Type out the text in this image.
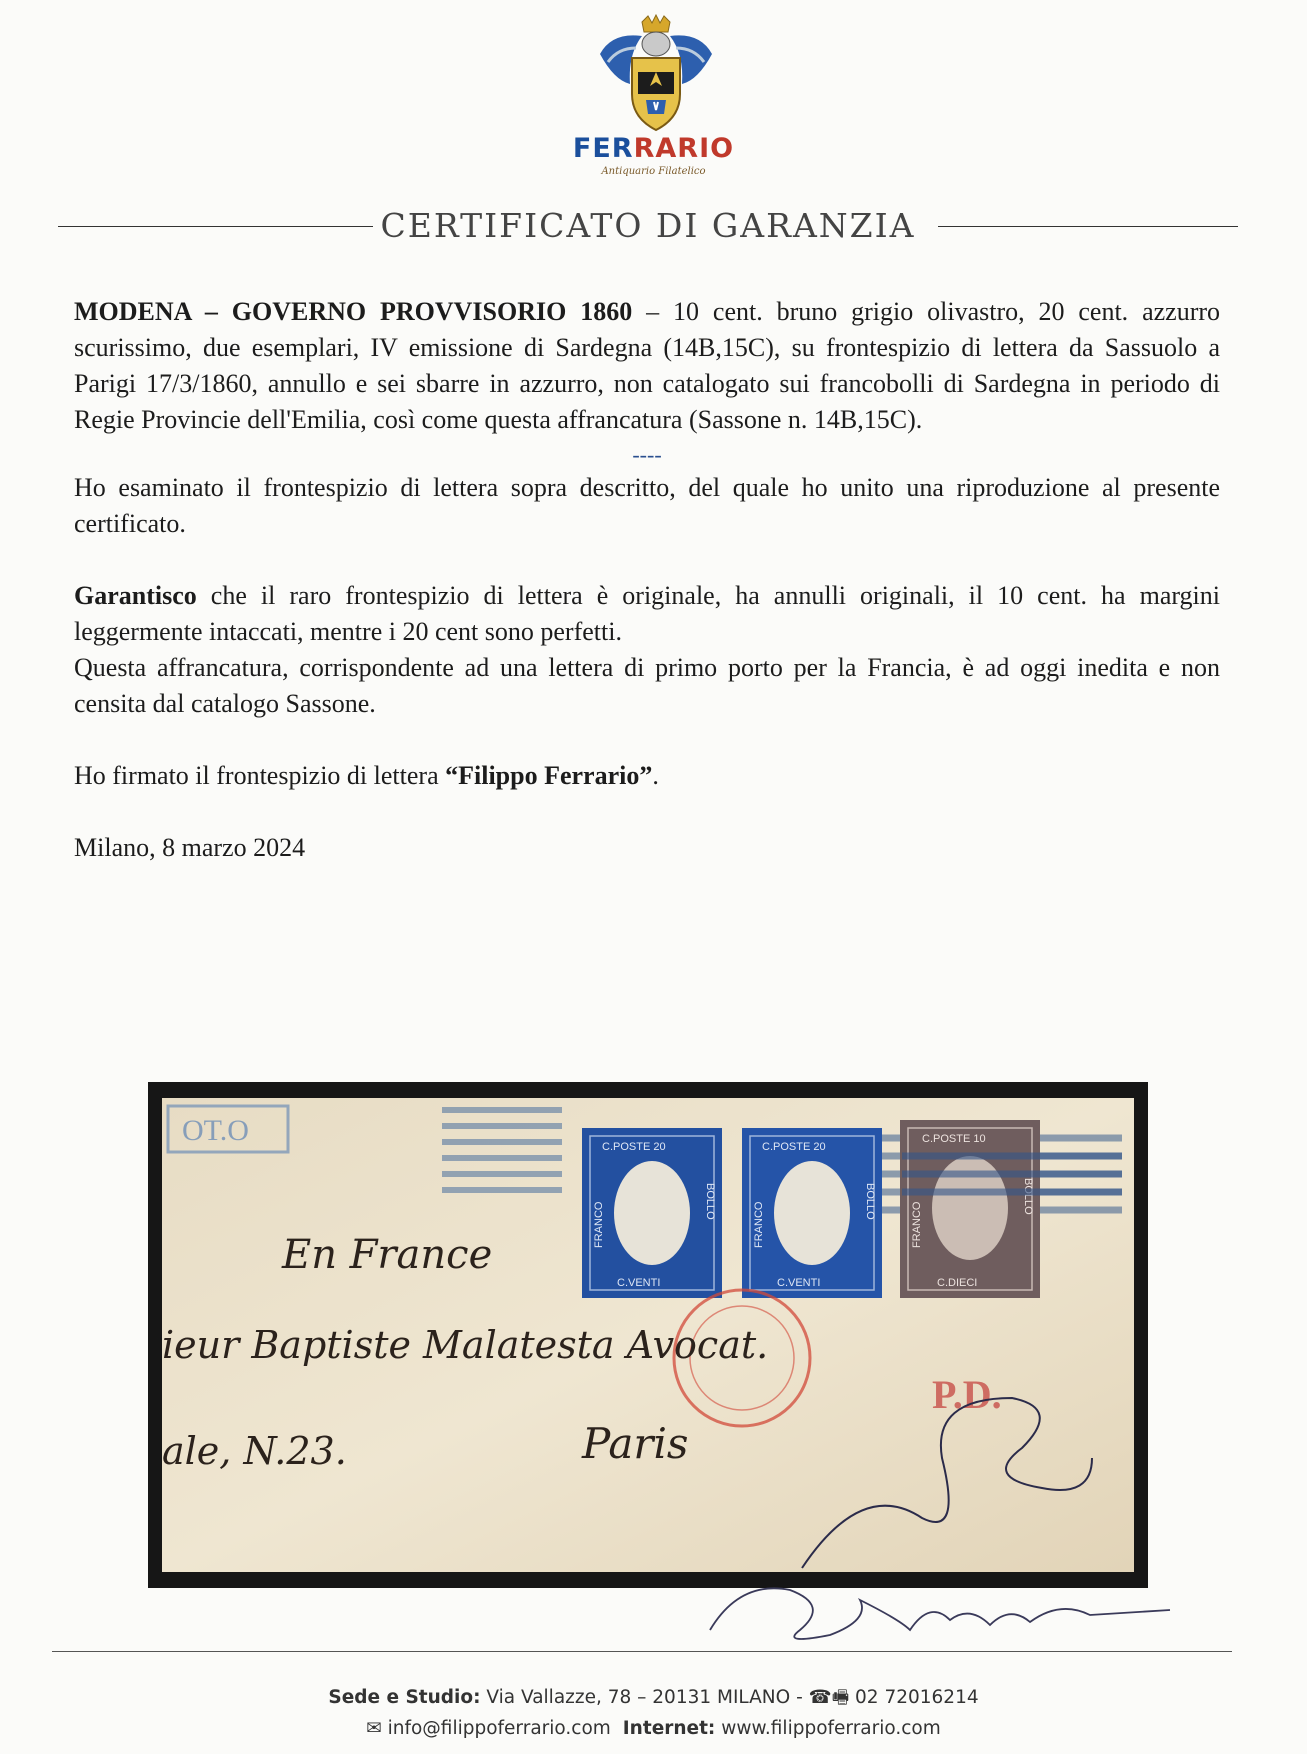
FERRARIO
Antiquario Filatelico
CERTIFICATO DI GARANZIA

MODENA – GOVERNO PROVVISORIO 1860 – 10 cent. bruno grigio olivastro, 20 cent. azzurro scurissimo, due esemplari, IV emissione di Sardegna (14B,15C), su frontespizio di lettera da Sassuolo a Parigi 17/3/1860, annullo e sei sbarre in azzurro, non catalogato sui francobolli di Sardegna in periodo di Regie Provincie dell'Emilia, così come questa affrancatura (Sassone n. 14B,15C).

----

Ho esaminato il frontespizio di lettera sopra descritto, del quale ho unito una riproduzione al presente certificato.

Garantisco che il raro frontespizio di lettera è originale, ha annulli originali, il 10 cent. ha margini leggermente intaccati, mentre i 20 cent sono perfetti.

Questa affrancatura, corrispondente ad una lettera di primo porto per la Francia, è ad oggi inedita e non censita dal catalogo Sassone.

Ho firmato il frontespizio di lettera “Filippo Ferrario”.

Milano, 8 marzo 2024

OT.O	C.POSTE 20
C.VENTI
FRANCO
BOLLO
C.POSTE 20
C.VENTI
FRANCO
BOLLO
C.POSTE 10
C.DIECI
FRANCO
BOLLO
En France
ieur Baptiste Malatesta Avocat.
ale, N.23.	Paris
P.D.
Sede e Studio: Via Vallazze, 78 – 20131 MILANO - ☎🖷 02 72016214
✉ info@filippoferrario.com Internet: www.filippoferrario.com
